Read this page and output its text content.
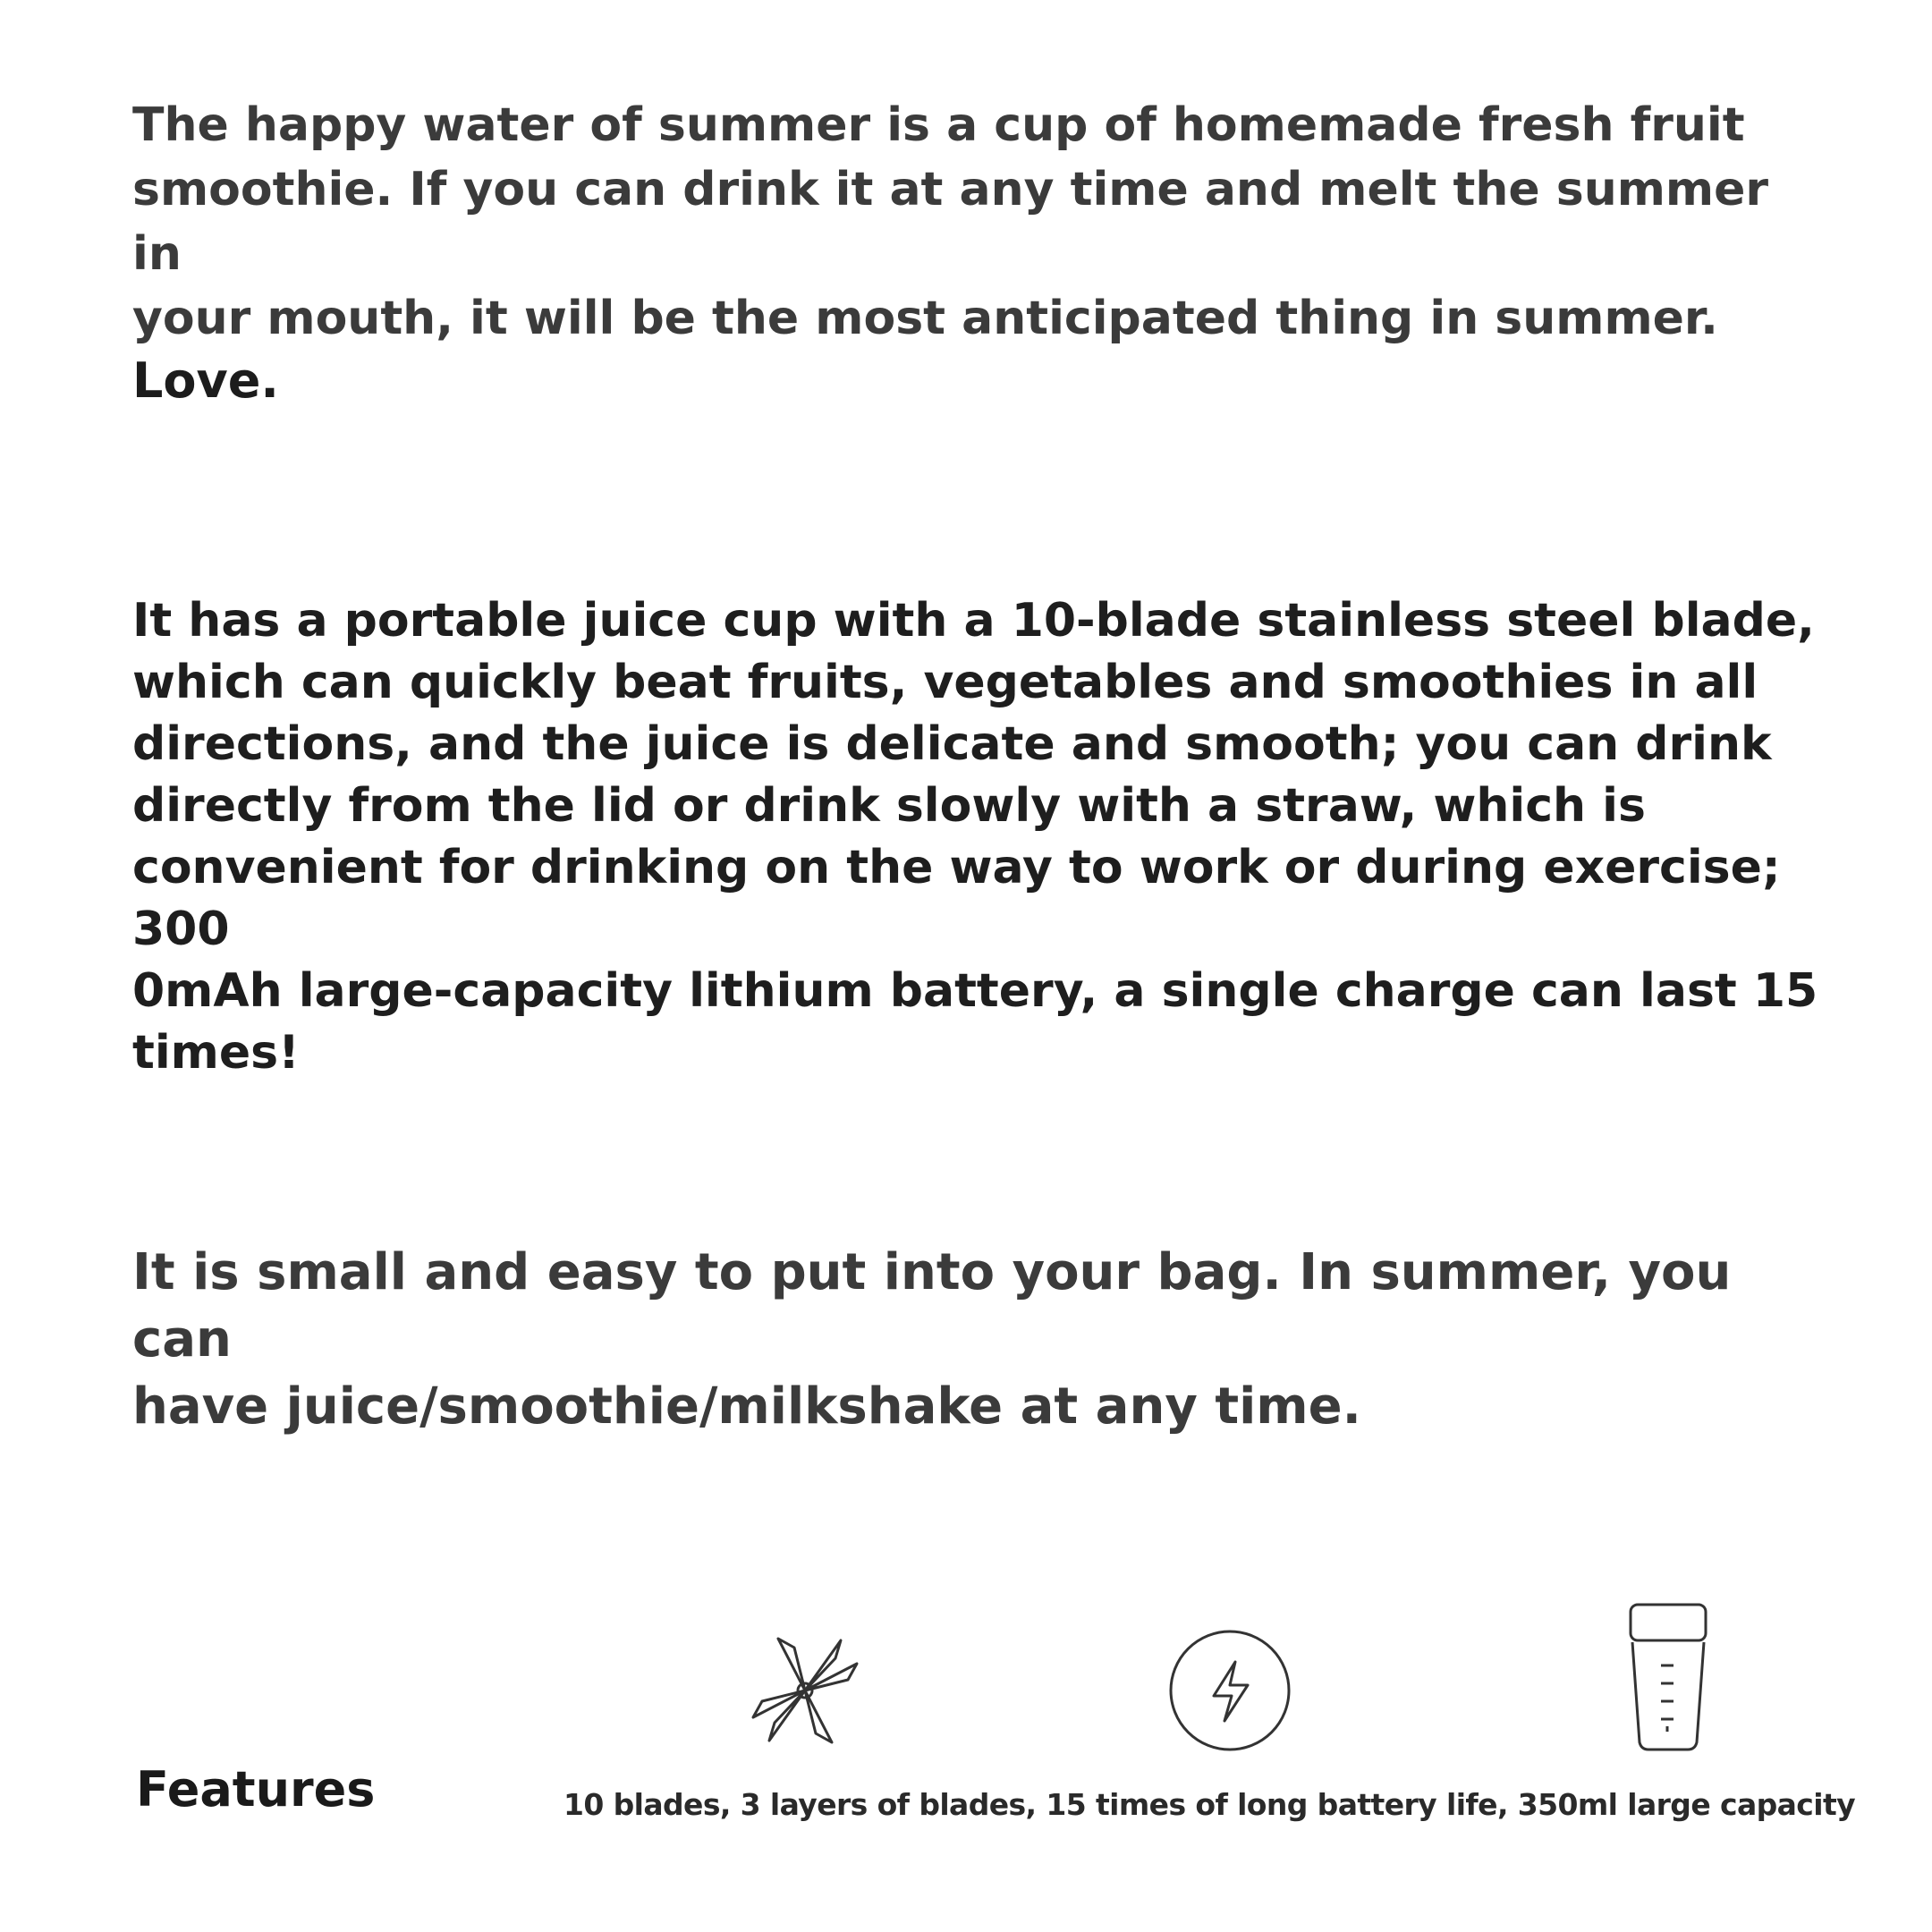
The happy water of summer is a cup of homemade fresh fruit
smoothie. If you can drink it at any time and melt the summer in
your mouth, it will be the most anticipated thing in summer.

Love.

It has a portable juice cup with a 10-blade stainless steel blade,
which can quickly beat fruits, vegetables and smoothies in all
directions, and the juice is delicate and smooth; you can drink
directly from the lid or drink slowly with a straw, which is
convenient for drinking on the way to work or during exercise; 300
0mAh large-capacity lithium battery, a single charge can last 15
times!

It is small and easy to put into your bag. In summer, you can
have juice/smoothie/milkshake at any time.

Features	10 blades, 3 layers of blades, 15 times of long battery life, 350ml large capacity
